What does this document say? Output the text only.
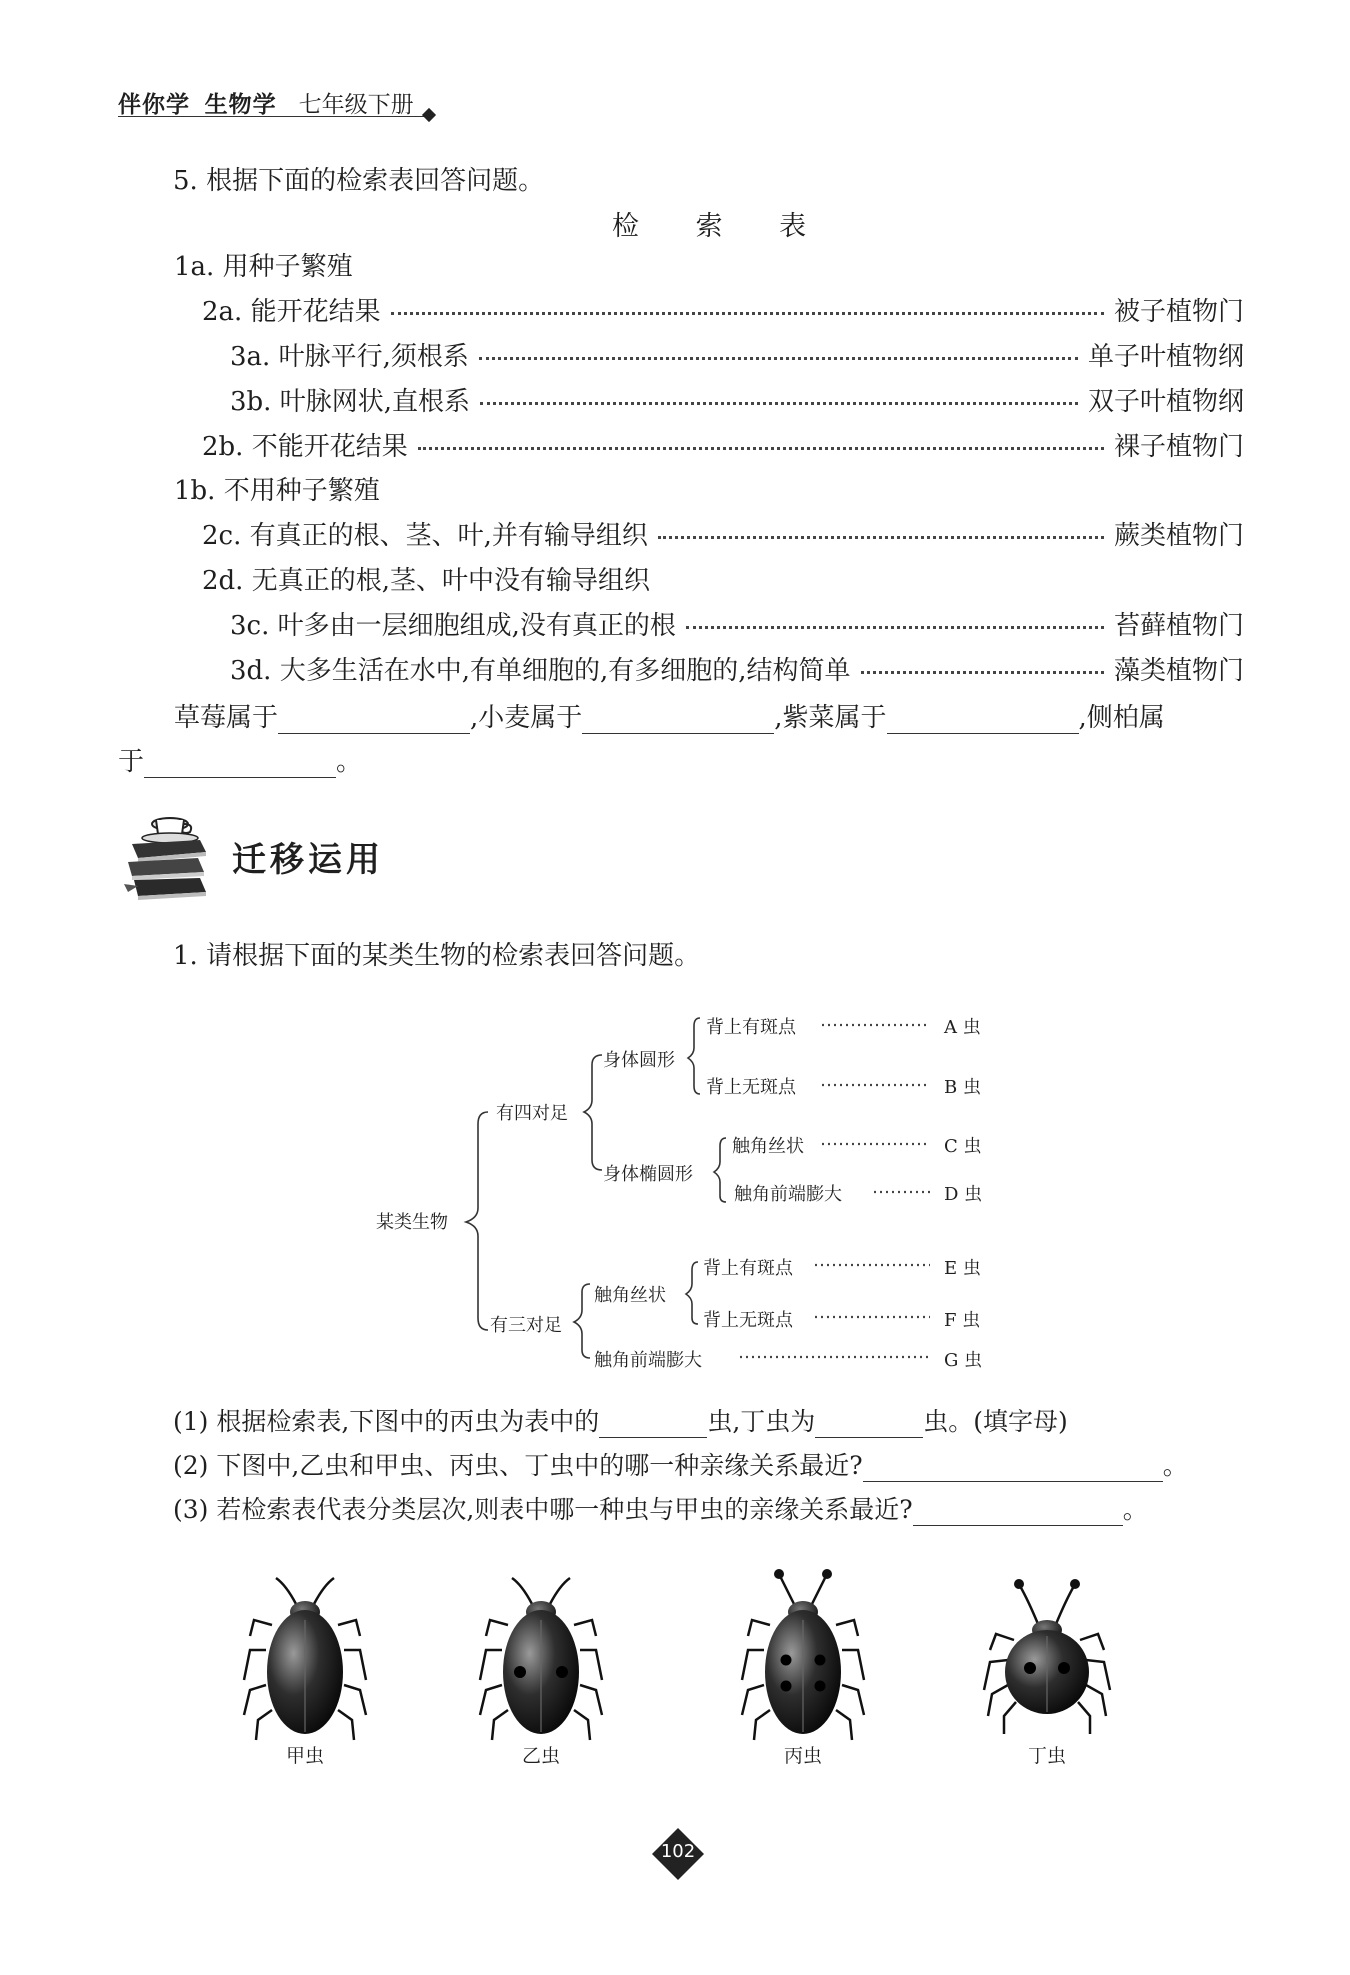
伴你学 生物学 七年级下册
5. 根据下面的检索表回答问题。
检 索 表
1a. 用种子繁殖
2a. 能开花结果	被子植物门
3a. 叶脉平行,须根系	单子叶植物纲
3b. 叶脉网状,直根系	双子叶植物纲
2b. 不能开花结果	裸子植物门
1b. 不用种子繁殖
2c. 有真正的根、茎、叶,并有输导组织	蕨类植物门
2d. 无真正的根,茎、叶中没有输导组织
3c. 叶多由一层细胞组成,没有真正的根	苔藓植物门
3d. 大多生活在水中,有单细胞的,有多细胞的,结构简单	藻类植物门
草莓属于	,小麦属于	,紫菜属于	,侧柏属
于	。
迁移运用
1. 请根据下面的某类生物的检索表回答问题。
某类生物
有四对足
有三对足
身体圆形
身体椭圆形
背上有斑点
背上无斑点
触角丝状
触角前端膨大
触角丝状
背上有斑点
背上无斑点
触角前端膨大
A 虫
B 虫
C 虫
D 虫
E 虫
F 虫
G 虫
(1) 根据检索表,下图中的丙虫为表中的	虫,丁虫为	虫。(填字母)
(2) 下图中,乙虫和甲虫、丙虫、丁虫中的哪一种亲缘关系最近?	。
(3) 若检索表代表分类层次,则表中哪一种虫与甲虫的亲缘关系最近?	。
甲虫	乙虫	丙虫	丁虫
102
